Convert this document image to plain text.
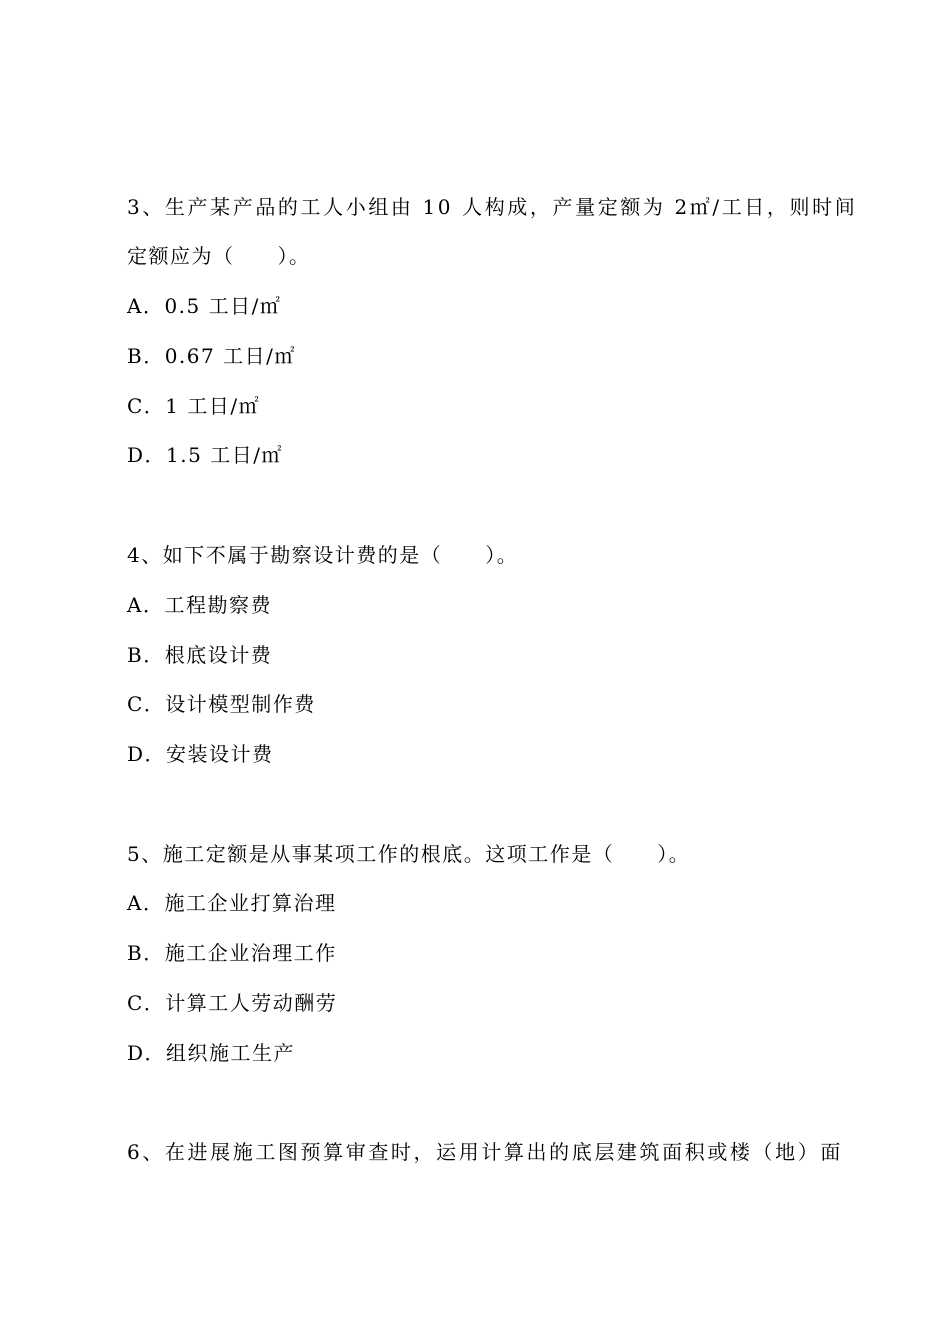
3、生产某产品的工人小组由 10 人构成，产量定额为 2㎡/工日，则时间
定额应为（　　）。
A．0.5 工日/㎡
B．0.67 工日/㎡
C．1 工日/㎡
D．1.5 工日/㎡
4、如下不属于勘察设计费的是（　　）。
A．工程勘察费
B．根底设计费
C．设计模型制作费
D．安装设计费
5、施工定额是从事某项工作的根底。这项工作是（　　）。
A．施工企业打算治理
B．施工企业治理工作
C．计算工人劳动酬劳
D．组织施工生产
6、在进展施工图预算审查时，运用计算出的底层建筑面积或楼（地）面
